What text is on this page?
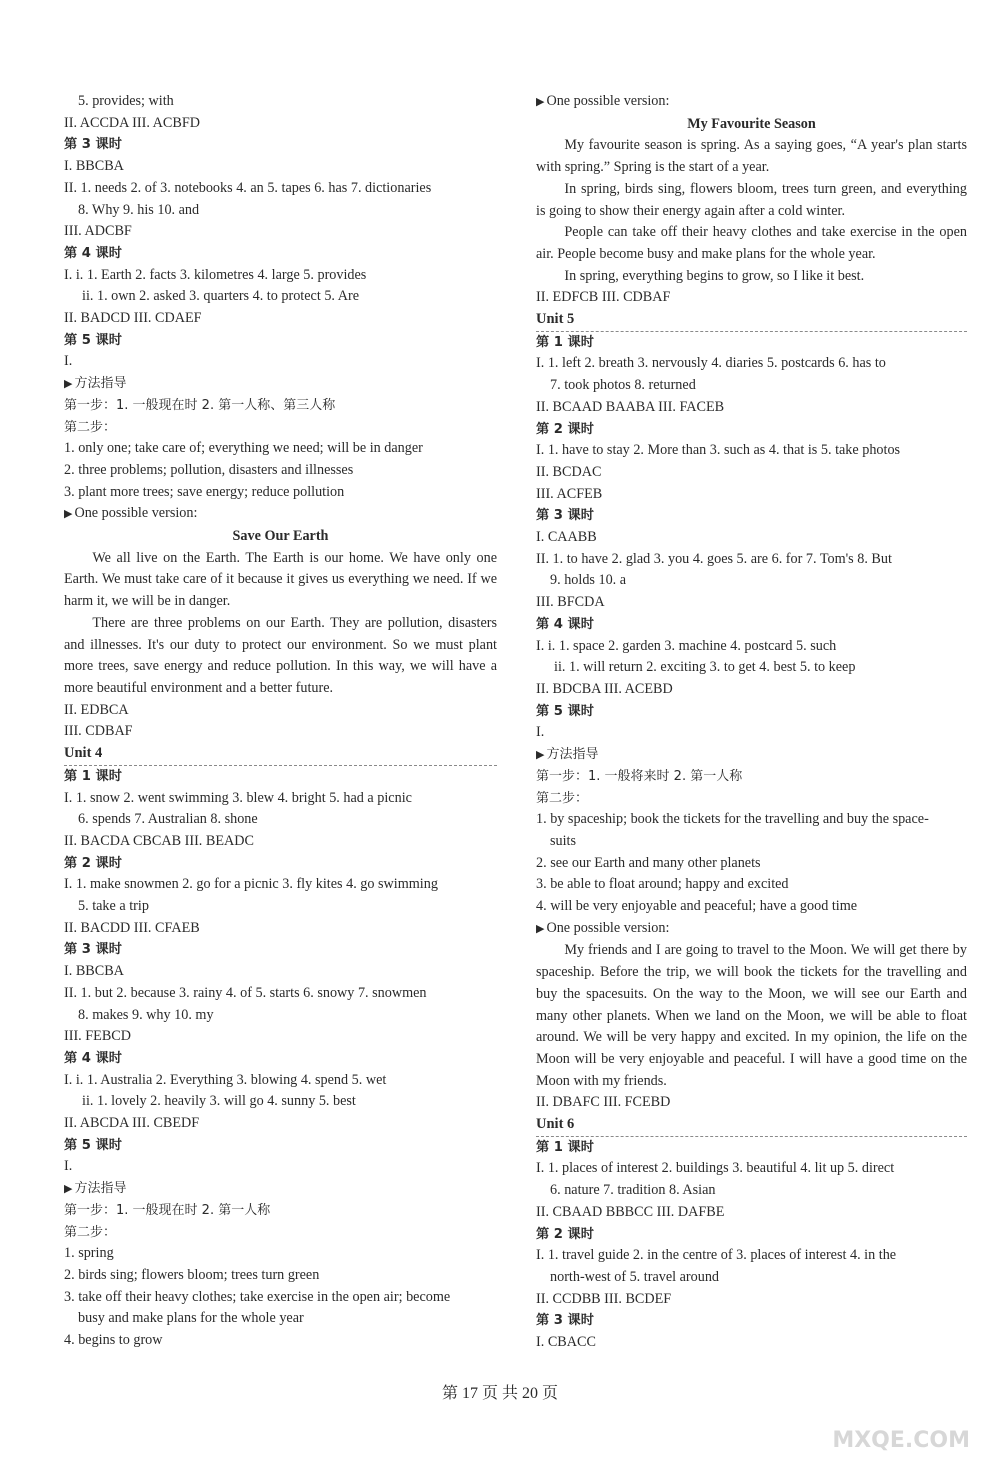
5. provides; with
II. ACCDA III. ACBFD
第 3 课时
I. BBCBA
II. 1. needs 2. of 3. notebooks 4. an 5. tapes 6. has 7. dictionaries
8. Why 9. his 10. and
III. ADCBF
第 4 课时
I. i. 1. Earth 2. facts 3. kilometres 4. large 5. provides
ii. 1. own 2. asked 3. quarters 4. to protect 5. Are
II. BADCD III. CDAEF
第 5 课时
I.
▶ 方法指导
第一步：1. 一般现在时 2. 第一人称、第三人称
第二步：
1. only one; take care of; everything we need; will be in danger
2. three problems; pollution, disasters and illnesses
3. plant more trees; save energy; reduce pollution
▶ One possible version:
Save Our Earth
We all live on the Earth. The Earth is our home. We have only one Earth. We must take care of it because it gives us everything we need. If we harm it, we will be in danger.
There are three problems on our Earth. They are pollution, disasters and illnesses. It's our duty to protect our environment. So we must plant more trees, save energy and reduce pollution. In this way, we will have a more beautiful environment and a better future.
II. EDBCA
III. CDBAF
Unit 4
第 1 课时
I. 1. snow 2. went swimming 3. blew 4. bright 5. had a picnic
6. spends 7. Australian 8. shone
II. BACDA CBCAB III. BEADC
第 2 课时
I. 1. make snowmen 2. go for a picnic 3. fly kites 4. go swimming
5. take a trip
II. BACDD III. CFAEB
第 3 课时
I. BBCBA
II. 1. but 2. because 3. rainy 4. of 5. starts 6. snowy 7. snowmen
8. makes 9. why 10. my
III. FEBCD
第 4 课时
I. i. 1. Australia 2. Everything 3. blowing 4. spend 5. wet
ii. 1. lovely 2. heavily 3. will go 4. sunny 5. best
II. ABCDA III. CBEDF
第 5 课时
I.
▶ 方法指导
第一步：1. 一般现在时 2. 第一人称
第二步：
1. spring
2. birds sing; flowers bloom; trees turn green
3. take off their heavy clothes; take exercise in the open air; become
busy and make plans for the whole year
4. begins to grow
▶ One possible version:
My Favourite Season
My favourite season is spring. As a saying goes, “A year's plan starts with spring.” Spring is the start of a year.
In spring, birds sing, flowers bloom, trees turn green, and everything is going to show their energy again after a cold winter.
People can take off their heavy clothes and take exercise in the open air. People become busy and make plans for the whole year.
In spring, everything begins to grow, so I like it best.
II. EDFCB III. CDBAF
Unit 5
第 1 课时
I. 1. left 2. breath 3. nervously 4. diaries 5. postcards 6. has to
7. took photos 8. returned
II. BCAAD BAABA III. FACEB
第 2 课时
I. 1. have to stay 2. More than 3. such as 4. that is 5. take photos
II. BCDAC
III. ACFEB
第 3 课时
I. CAABB
II. 1. to have 2. glad 3. you 4. goes 5. are 6. for 7. Tom's 8. But
9. holds 10. a
III. BFCDA
第 4 课时
I. i. 1. space 2. garden 3. machine 4. postcard 5. such
ii. 1. will return 2. exciting 3. to get 4. best 5. to keep
II. BDCBA III. ACEBD
第 5 课时
I.
▶ 方法指导
第一步：1. 一般将来时 2. 第一人称
第二步：
1. by spaceship; book the tickets for the travelling and buy the space-
suits
2. see our Earth and many other planets
3. be able to float around; happy and excited
4. will be very enjoyable and peaceful; have a good time
▶ One possible version:
My friends and I are going to travel to the Moon. We will get there by spaceship. Before the trip, we will book the tickets for the travelling and buy the spacesuits. On the way to the Moon, we will see our Earth and many other planets. When we land on the Moon, we will be able to float around. We will be very happy and excited. In my opinion, the life on the Moon will be very enjoyable and peaceful. I will have a good time on the Moon with my friends.
II. DBAFC III. FCEBD
Unit 6
第 1 课时
I. 1. places of interest 2. buildings 3. beautiful 4. lit up 5. direct
6. nature 7. tradition 8. Asian
II. CBAAD BBBCC III. DAFBE
第 2 课时
I. 1. travel guide 2. in the centre of 3. places of interest 4. in the
north-west of 5. travel around
II. CCDBB III. BCDEF
第 3 课时
I. CBACC
第 17 页 共 20 页
MXQE.COM
